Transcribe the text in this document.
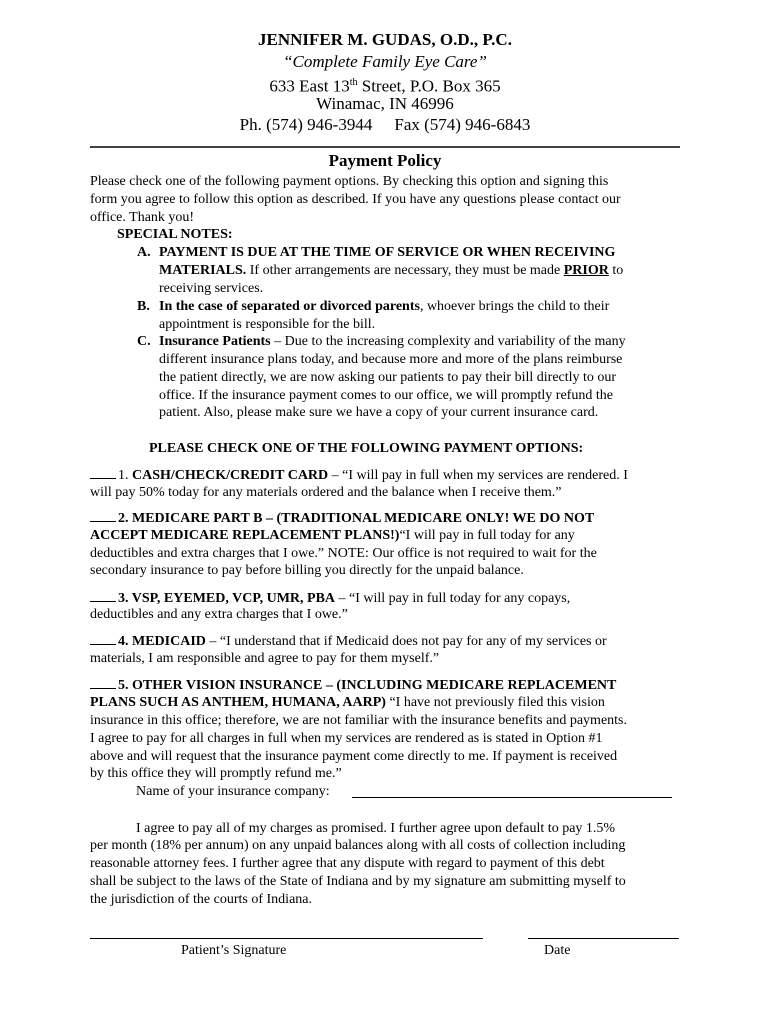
JENNIFER M. GUDAS, O.D., P.C.
“Complete Family Eye Care”
633 East 13th Street, P.O. Box 365
Winamac, IN 46996
Ph. (574) 946-3944 Fax (574) 946-6843
Payment Policy
Please check one of the following payment options. By checking this option and signing this
form you agree to follow this option as described. If you have any questions please contact our
office. Thank you!
SPECIAL NOTES:
A. PAYMENT IS DUE AT THE TIME OF SERVICE OR WHEN RECEIVING
MATERIALS. If other arrangements are necessary, they must be made PRIOR to
receiving services.
B. In the case of separated or divorced parents, whoever brings the child to their
appointment is responsible for the bill.
C. Insurance Patients – Due to the increasing complexity and variability of the many
different insurance plans today, and because more and more of the plans reimburse
the patient directly, we are now asking our patients to pay their bill directly to our
office. If the insurance payment comes to our office, we will promptly refund the
patient. Also, please make sure we have a copy of your current insurance card.
PLEASE CHECK ONE OF THE FOLLOWING PAYMENT OPTIONS:
1. CASH/CHECK/CREDIT CARD – “I will pay in full when my services are rendered. I
will pay 50% today for any materials ordered and the balance when I receive them.”
2. MEDICARE PART B – (TRADITIONAL MEDICARE ONLY! WE DO NOT
ACCEPT MEDICARE REPLACEMENT PLANS!)“I will pay in full today for any
deductibles and extra charges that I owe.” NOTE: Our office is not required to wait for the
secondary insurance to pay before billing you directly for the unpaid balance.
3. VSP, EYEMED, VCP, UMR, PBA – “I will pay in full today for any copays,
deductibles and any extra charges that I owe.”
4. MEDICAID – “I understand that if Medicaid does not pay for any of my services or
materials, I am responsible and agree to pay for them myself.”
5. OTHER VISION INSURANCE – (INCLUDING MEDICARE REPLACEMENT
PLANS SUCH AS ANTHEM, HUMANA, AARP) “I have not previously filed this vision
insurance in this office; therefore, we are not familiar with the insurance benefits and payments.
I agree to pay for all charges in full when my services are rendered as is stated in Option #1
above and will request that the insurance payment come directly to me. If payment is received
by this office they will promptly refund me.”
Name of your insurance company:
I agree to pay all of my charges as promised. I further agree upon default to pay 1.5%
per month (18% per annum) on any unpaid balances along with all costs of collection including
reasonable attorney fees. I further agree that any dispute with regard to payment of this debt
shall be subject to the laws of the State of Indiana and by my signature am submitting myself to
the jurisdiction of the courts of Indiana.
Patient’s Signature	Date
